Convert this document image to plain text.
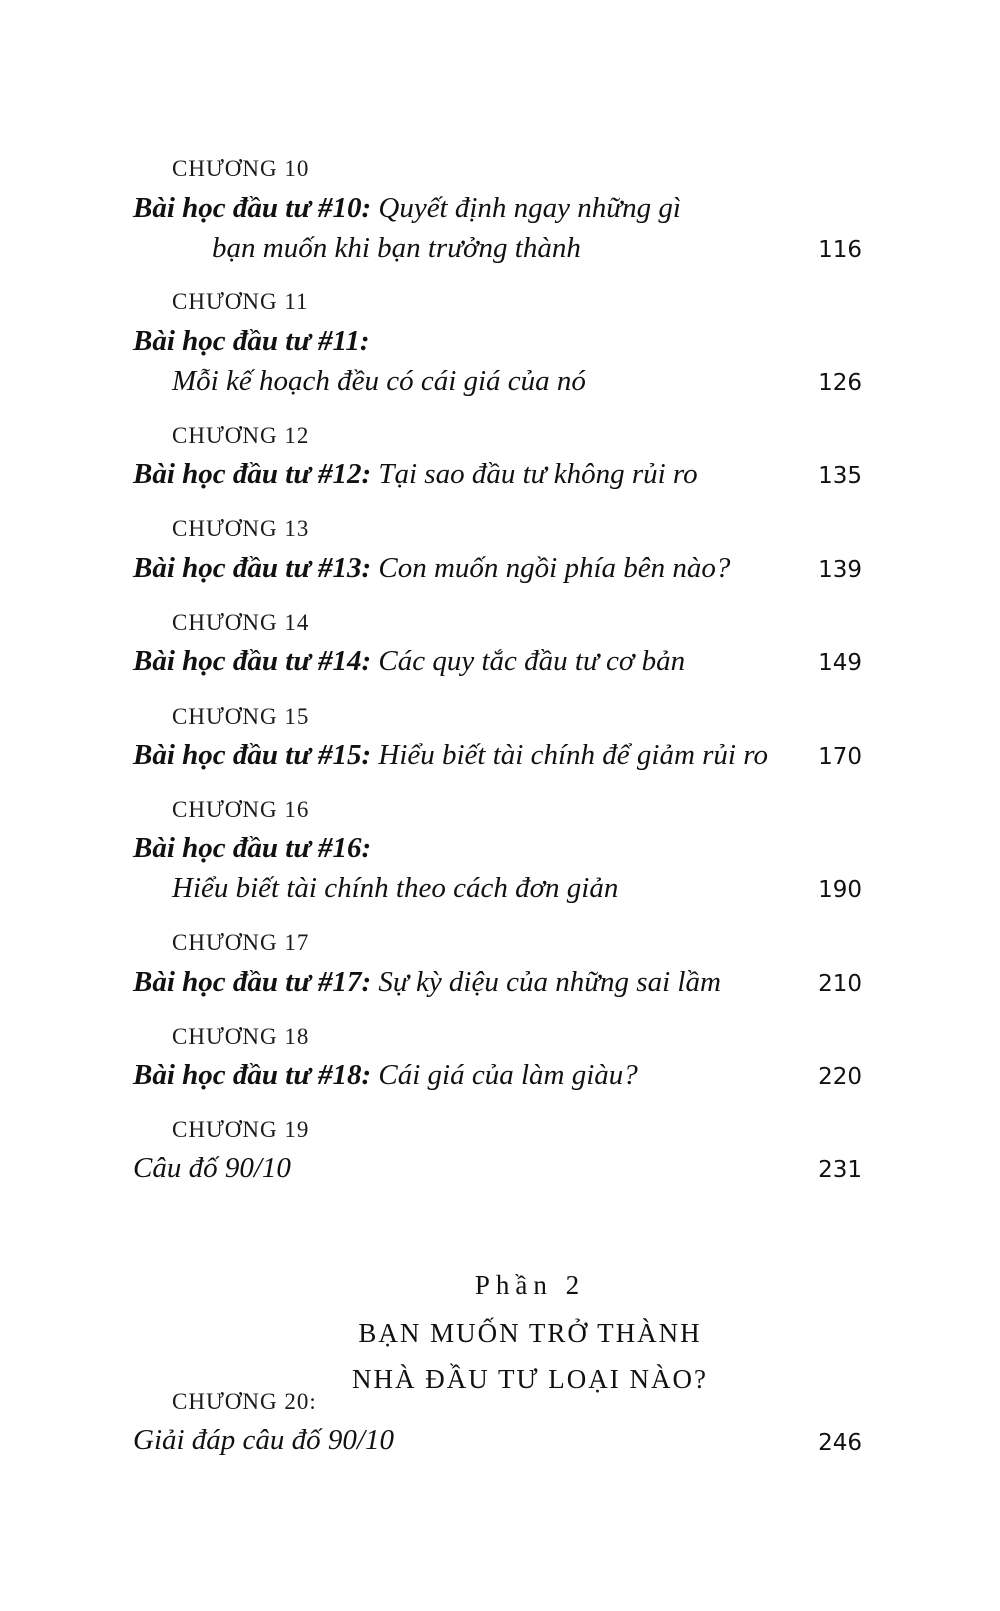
CHƯƠNG 10
Bài học đầu tư #10: Quyết định ngay những gì
bạn muốn khi bạn trưởng thành	116
CHƯƠNG 11
Bài học đầu tư #11:
Mỗi kế hoạch đều có cái giá của nó	126
CHƯƠNG 12
Bài học đầu tư #12: Tại sao đầu tư không rủi ro	135
CHƯƠNG 13
Bài học đầu tư #13: Con muốn ngồi phía bên nào?	139
CHƯƠNG 14
Bài học đầu tư #14: Các quy tắc đầu tư cơ bản	149
CHƯƠNG 15
Bài học đầu tư #15: Hiểu biết tài chính để giảm rủi ro 170
CHƯƠNG 16
Bài học đầu tư #16:
Hiểu biết tài chính theo cách đơn giản	190
CHƯƠNG 17
Bài học đầu tư #17: Sự kỳ diệu của những sai lầm	210
CHƯƠNG 18
Bài học đầu tư #18: Cái giá của làm giàu?	220
CHƯƠNG 19
Câu đố 90/10	231
Phần 2
BẠN MUỐN TRỞ THÀNH
NHÀ ĐẦU TƯ LOẠI NÀO?
CHƯƠNG 20:
Giải đáp câu đố 90/10	246
